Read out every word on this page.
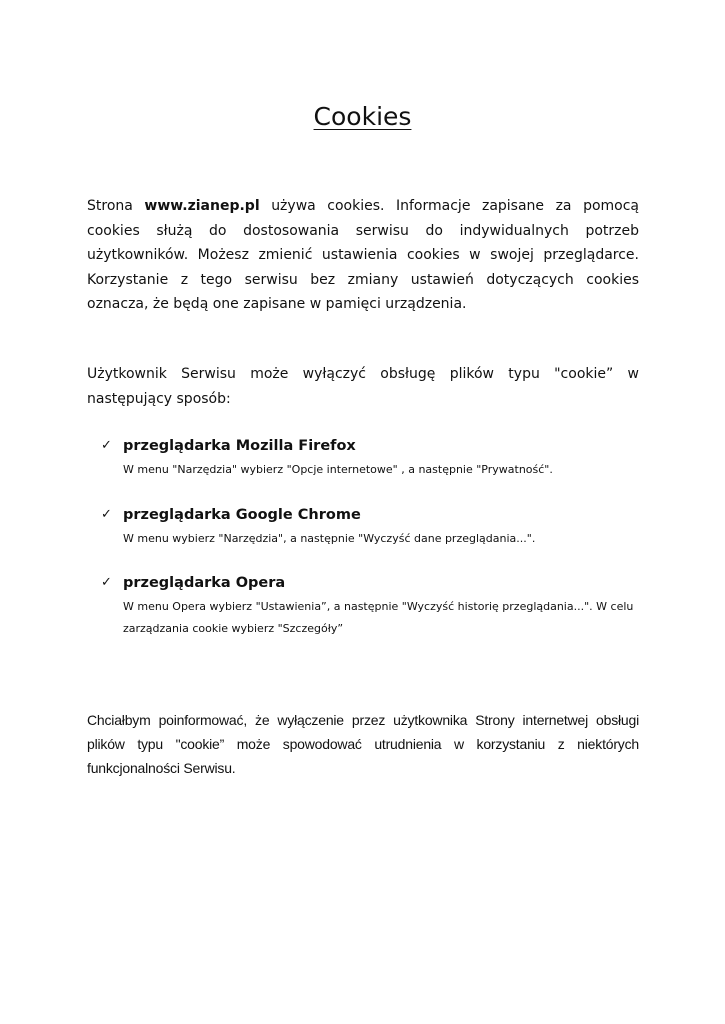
Cookies

Strona www.zianep.pl używa cookies. Informacje zapisane za pomocą cookies służą do dostosowania serwisu do indywidualnych potrzeb użytkowników. Możesz zmienić ustawienia cookies w swojej przeglądarce. Korzystanie z tego serwisu bez zmiany ustawień dotyczących cookies oznacza, że będą one zapisane w pamięci urządzenia.

Użytkownik Serwisu może wyłączyć obsługę plików typu "cookie” w następujący sposób:

✓ przeglądarka Mozilla Firefox

W menu "Narzędzia" wybierz "Opcje internetowe" , a następnie "Prywatność".

✓ przeglądarka Google Chrome

W menu wybierz "Narzędzia", a następnie "Wyczyść dane przeglądania...".

✓ przeglądarka Opera

W menu Opera wybierz "Ustawienia”, a następnie "Wyczyść historię przeglądania...". W celu zarządzania cookie wybierz "Szczegóły”

Chciałbym poinformować, że wyłączenie przez użytkownika Strony internetwej obsługi plików typu "cookie” może spowodować utrudnienia w korzystaniu z niektórych funkcjonalności Serwisu.
